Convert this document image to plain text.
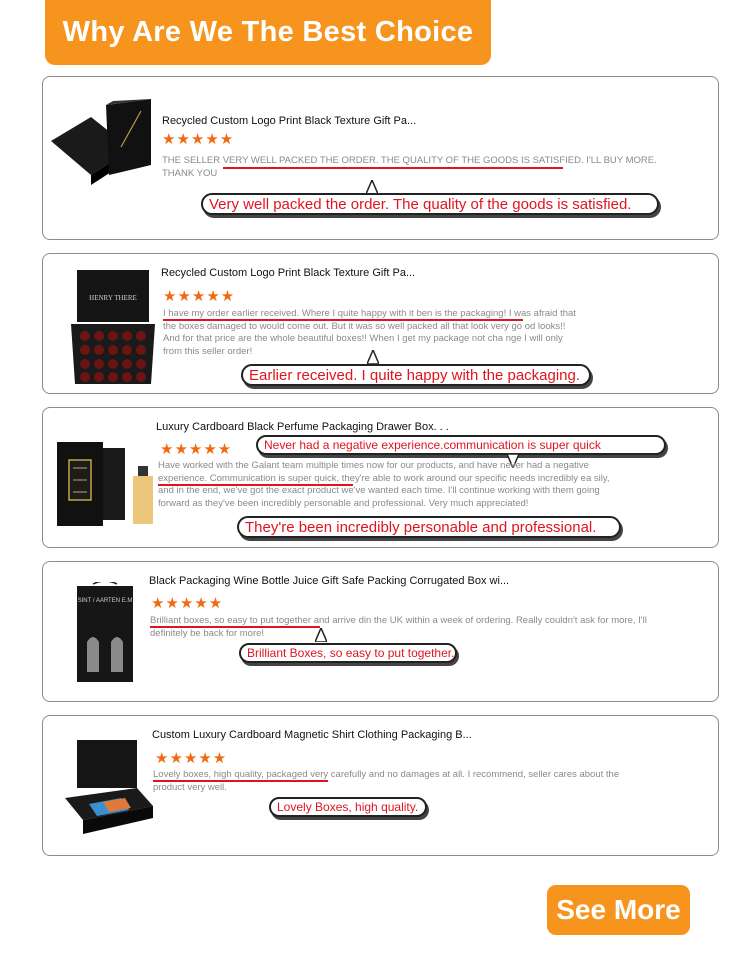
Why Are We The Best Choice
Recycled Custom Logo Print Black Texture Gift Pa...
★★★★★

THE SELLER VERY WELL PACKED THE ORDER. THE QUALITY OF THE GOODS IS SATISFIED. I'LL BUY MORE. THANK YOU

Very well packed the order. The quality of the goods is satisfied.
HENRY THERE
Recycled Custom Logo Print Black Texture Gift Pa...
★★★★★

I have my order earlier received. Where I quite happy with it ben is the packaging! I was afraid that the boxes damaged to would come out. But it was so well packed all that look very go od looks!! And for that price are the whole beautiful boxes!! When I get my package not cha nge I will only from this seller order!

Earlier received. I quite happy with the packaging.
Luxury Cardboard Black Perfume Packaging Drawer Box. . .
★★★★★	Never had a negative experience.communication is super quick

Have worked with the Galant team multiple times now for our products, and have never had a negative experience. Communication is super quick, they're able to work around our specific needs incredibly ea sily, and in the end, we've got the exact product we've wanted each time. I'll continue working with them going forward as they've been incredibly personable and professional. Very much appreciated!

They're been incredibly personable and professional.
SINT / AARTEN E.M
Black Packaging Wine Bottle Juice Gift Safe Packing Corrugated Box wi...
★★★★★

Brilliant boxes, so easy to put together and arrive din the UK within a week of ordering. Really couldn't ask for more, I'll definitely be back for more!

Brilliant Boxes, so easy to put together.
Custom Luxury Cardboard Magnetic Shirt Clothing Packaging B...
★★★★★

Lovely boxes, high quality, packaged very carefully and no damages at all. I recommend, seller cares about the product very well.

Lovely Boxes, high quality.
See More
